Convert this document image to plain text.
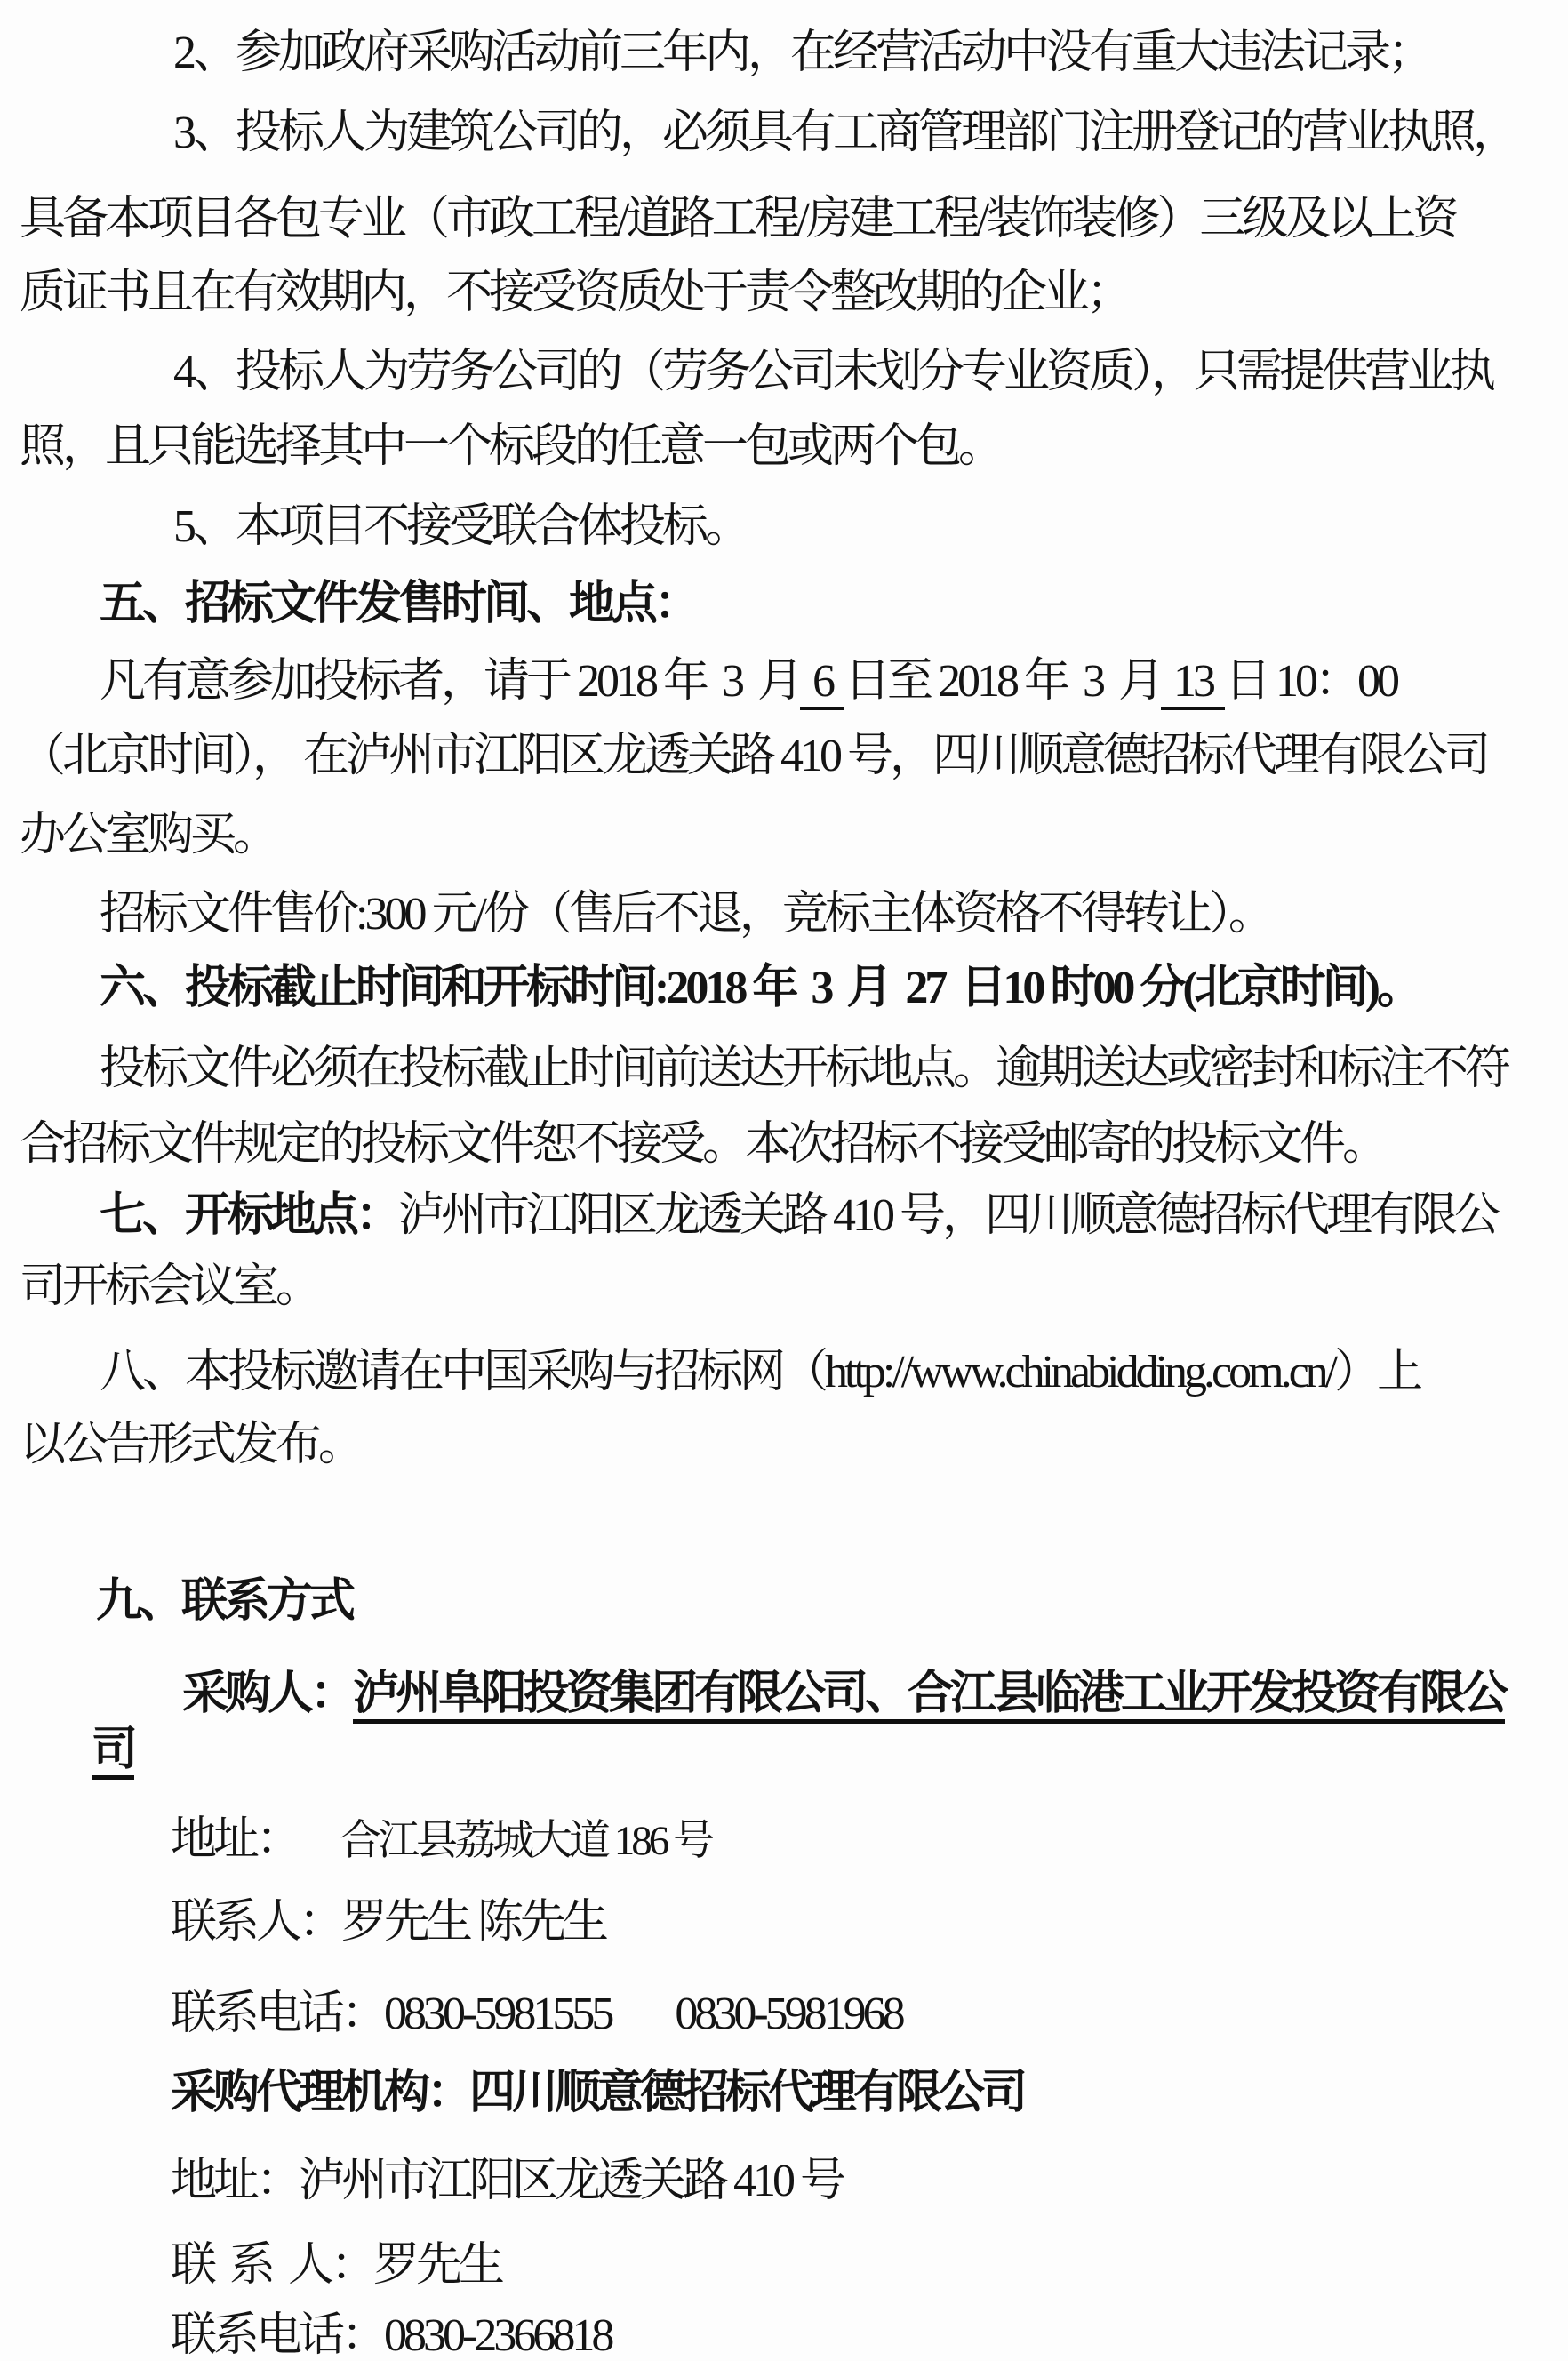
2、参加政府采购活动前三年内，在经营活动中没有重大违法记录；
3、投标人为建筑公司的，必须具有工商管理部门注册登记的营业执照，
具备本项目各包专业（市政工程/道路工程/房建工程/装饰装修）三级及以上资
质证书且在有效期内，不接受资质处于责令整改期的企业；
4、投标人为劳务公司的（劳务公司未划分专业资质），只需提供营业执
照，且只能选择其中一个标段的任意一包或两个包。
5、本项目不接受联合体投标。
五、招标文件发售时间、地点：
凡有意参加投标者，请于 2018 年  3  月 6 日至 2018 年  3  月 13 日 10：00
（北京时间）， 在泸州市江阳区龙透关路 410 号，四川顺意德招标代理有限公司
办公室购买。
招标文件售价:300 元/份（售后不退，竞标主体资格不得转让）。
六、投标截止时间和开标时间:2018 年  3  月  27  日10 时00 分(北京时间)。
投标文件必须在投标截止时间前送达开标地点。逾期送达或密封和标注不符
合招标文件规定的投标文件恕不接受。本次招标不接受邮寄的投标文件。
七、开标地点：泸州市江阳区龙透关路 410 号，四川顺意德招标代理有限公
司开标会议室。
八、本投标邀请在中国采购与招标网（http://www.chinabidding.com.cn/）上
以公告形式发布。
九、联系方式
采购人：泸州阜阳投资集团有限公司、合江县临港工业开发投资有限公
司
地址： 合江县荔城大道 186 号
联系人：罗先生 陈先生
联系电话：0830-5981555 0830-5981968
采购代理机构：四川顺意德招标代理有限公司
地址：泸州市江阳区龙透关路 410 号
联  系  人：罗先生
联系电话：0830-2366818
